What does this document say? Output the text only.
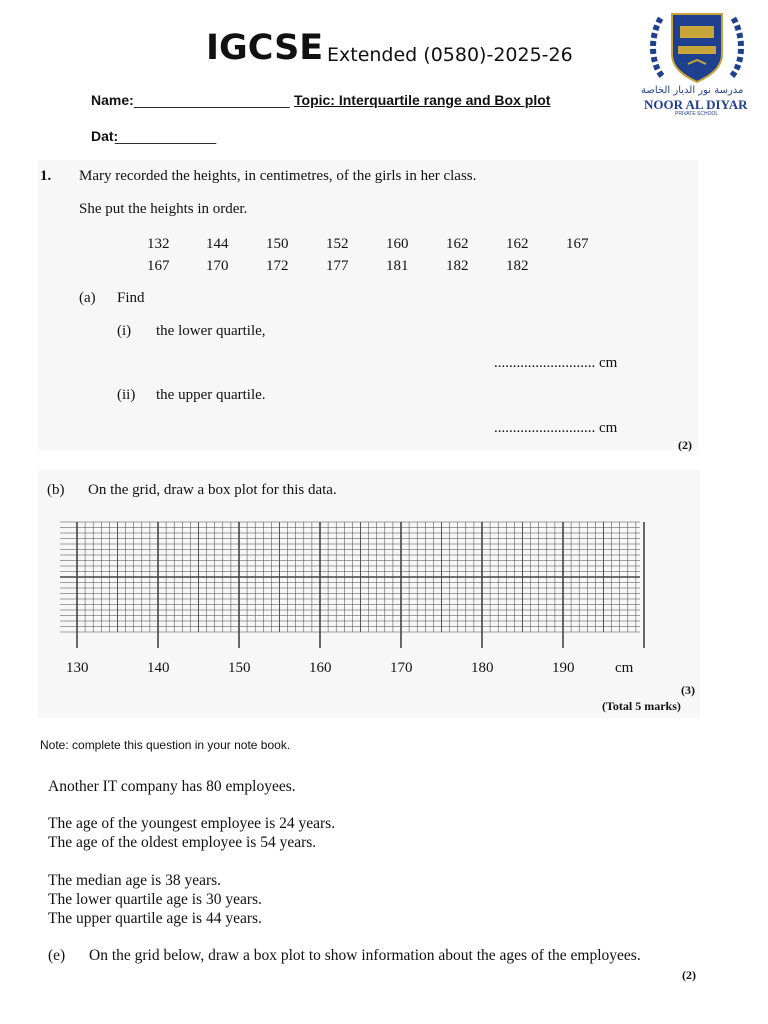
IGCSE Extended (0580)-2025-26
Name: ____________________ Topic: Interquartile range and Box plot
Dat:
_____________
مدرسة نور الديار الخاصة
NOOR AL DIYAR
PRIVATE SCHOOL
1. Mary recorded the heights, in centimetres, of the girls in her class.
She put the heights in order.
132 144	150	152	160	162	162	167
167 170	172	177	181	182	182
(a) Find
(i) the lower quartile,
........................... cm
(ii) the upper quartile.
........................... cm
(2)
(b) On the grid, draw a box plot for this data.
130	140	150	160	170	180	190	cm
(3)
(Total 5 marks)
Note: complete this question in your note book.
Another IT company has 80 employees.
The age of the youngest employee is 24 years.
The age of the oldest employee is 54 years.
The median age is 38 years.
The lower quartile age is 30 years.
The upper quartile age is 44 years.
(e) On the grid below, draw a box plot to show information about the ages of the employees.
(2)
